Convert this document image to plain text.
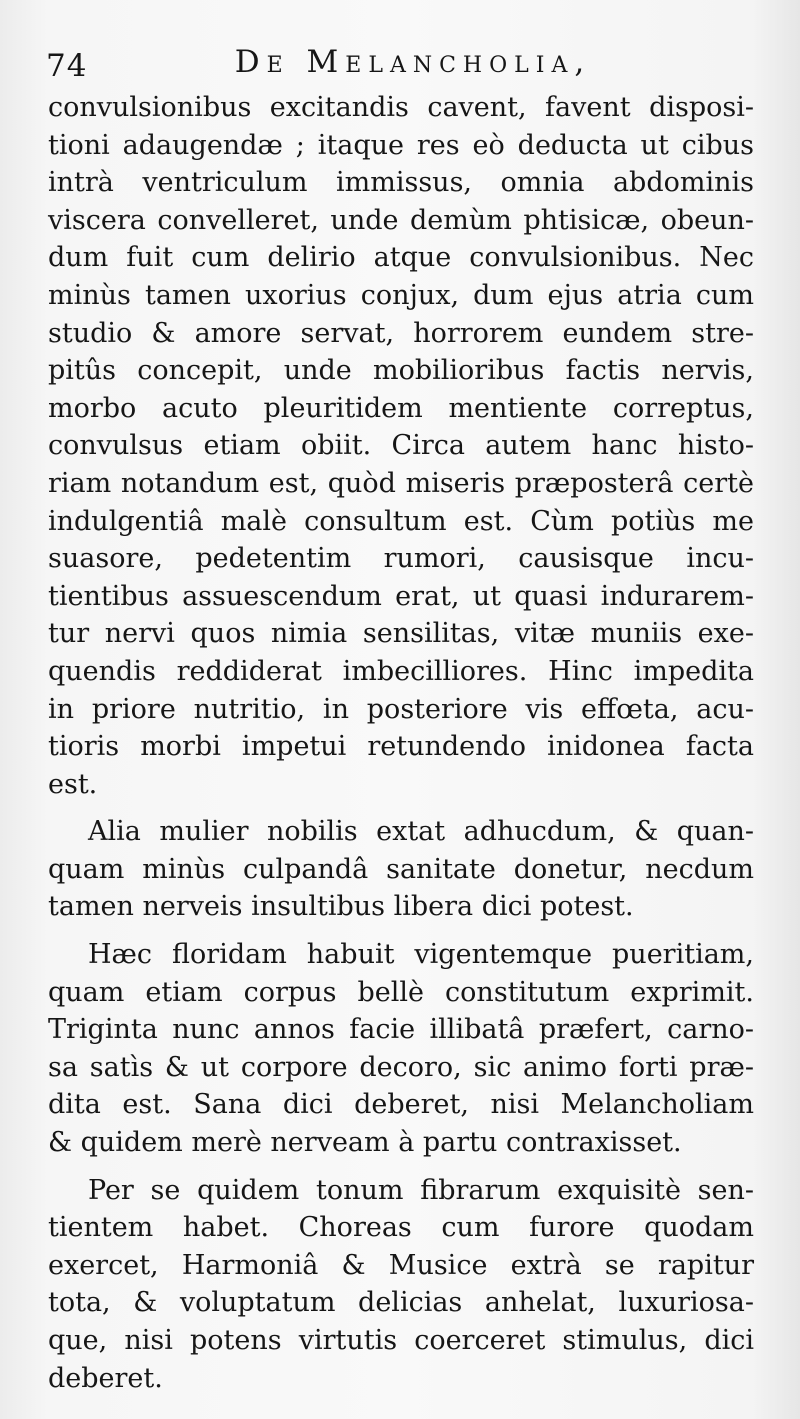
74	De Melancholia,
convulsionibus excitandis cavent, favent disposi-
tioni adaugendæ ; itaque res eò deducta ut cibus
intrà ventriculum immissus, omnia abdominis
viscera convelleret, unde demùm phtisicæ, obeun-
dum fuit cum delirio atque convulsionibus. Nec
minùs tamen uxorius conjux, dum ejus atria cum
studio & amore servat, horrorem eundem stre-
pitûs concepit, unde mobilioribus factis nervis,
morbo acuto pleuritidem mentiente correptus,
convulsus etiam obiit. Circa autem hanc histo-
riam notandum est, quòd miseris præposterâ certè
indulgentiâ malè consultum est. Cùm potiùs me
suasore, pedetentim rumori, causisque incu-
tientibus assuescendum erat, ut quasi indurarem-
tur nervi quos nimia sensilitas, vitæ muniis exe-
quendis reddiderat imbecilliores. Hinc impedita
in priore nutritio, in posteriore vis effœta, acu-
tioris morbi impetui retundendo inidonea facta
est.
Alia mulier nobilis extat adhucdum, & quan-
quam minùs culpandâ sanitate donetur, necdum
tamen nerveis insultibus libera dici potest.
Hæc floridam habuit vigentemque pueritiam,
quam etiam corpus bellè constitutum exprimit.
Triginta nunc annos facie illibatâ præfert, carno-
sa satìs & ut corpore decoro, sic animo forti præ-
dita est. Sana dici deberet, nisi Melancholiam
& quidem merè nerveam à partu contraxisset.
Per se quidem tonum fibrarum exquisitè sen-
tientem habet. Choreas cum furore quodam
exercet, Harmoniâ & Musice extrà se rapitur
tota, & voluptatum delicias anhelat, luxuriosa-
que, nisi potens virtutis coerceret stimulus, dici
deberet.
